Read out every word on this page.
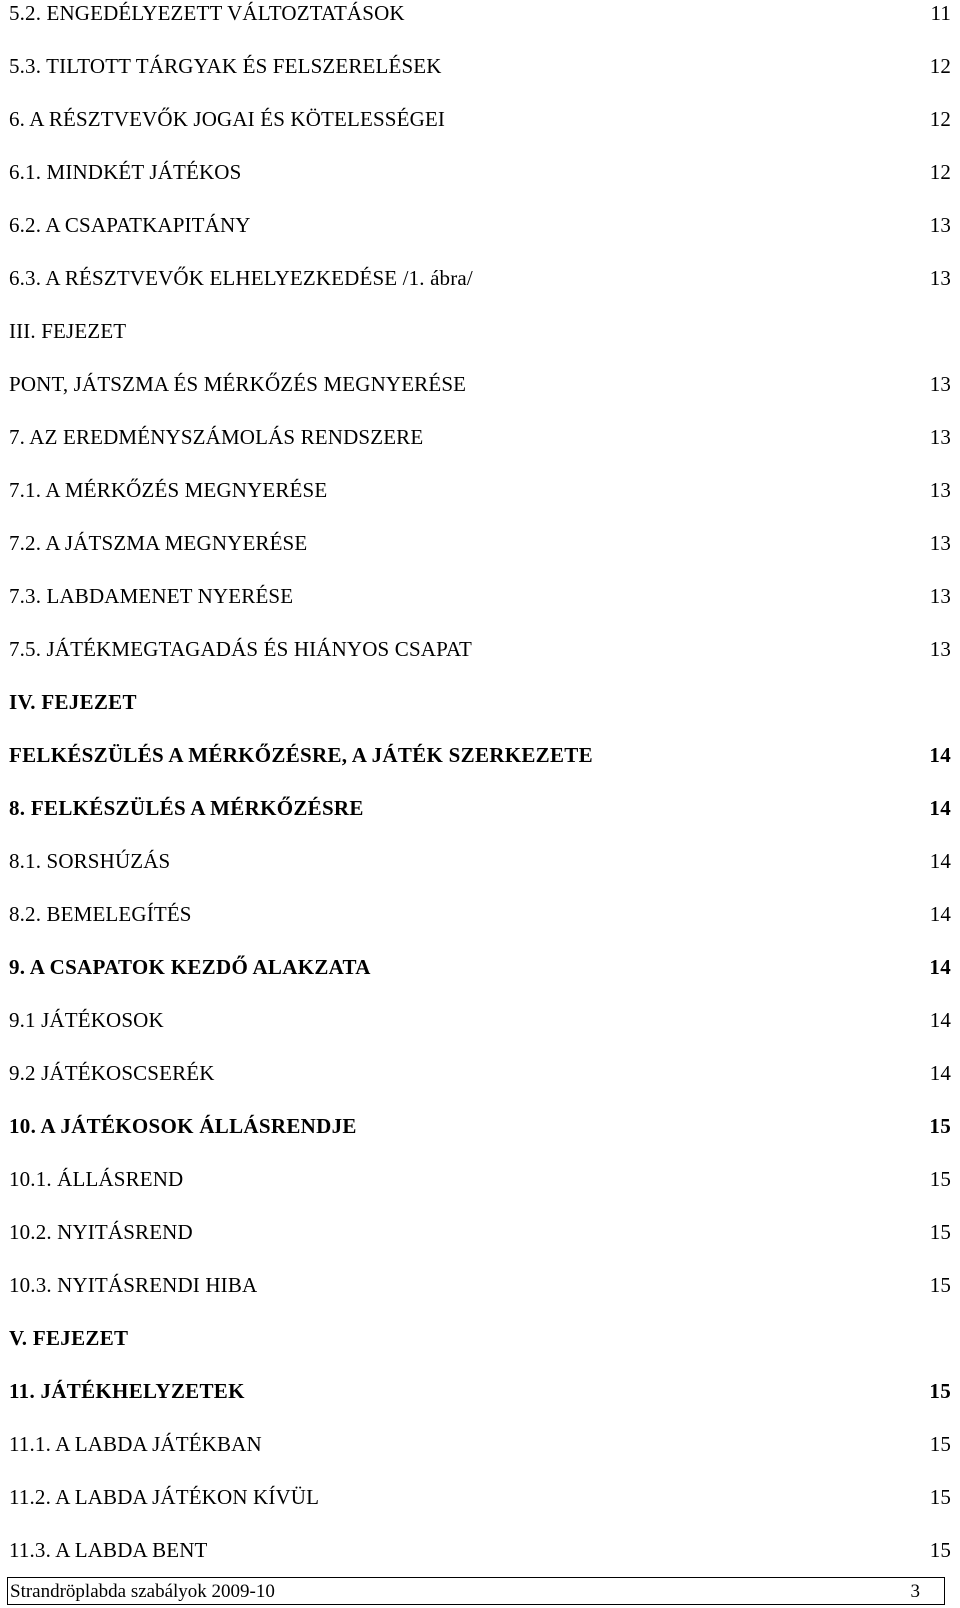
5.2. ENGEDÉLYEZETT VÁLTOZTATÁSOK	11
5.3. TILTOTT TÁRGYAK ÉS FELSZERELÉSEK	12
6. A RÉSZTVEVŐK JOGAI ÉS KÖTELESSÉGEI	12
6.1. MINDKÉT JÁTÉKOS	12
6.2. A CSAPATKAPITÁNY	13
6.3. A RÉSZTVEVŐK ELHELYEZKEDÉSE /1. ábra/	13
III. FEJEZET
PONT, JÁTSZMA ÉS MÉRKŐZÉS MEGNYERÉSE	13
7. AZ EREDMÉNYSZÁMOLÁS RENDSZERE	13
7.1. A MÉRKŐZÉS MEGNYERÉSE	13
7.2. A JÁTSZMA MEGNYERÉSE	13
7.3. LABDAMENET NYERÉSE	13
7.5. JÁTÉKMEGTAGADÁS ÉS HIÁNYOS CSAPAT	13
IV. FEJEZET
FELKÉSZÜLÉS A MÉRKŐZÉSRE, A JÁTÉK SZERKEZETE	14
8. FELKÉSZÜLÉS A MÉRKŐZÉSRE	14
8.1. SORSHÚZÁS	14
8.2. BEMELEGÍTÉS	14
9. A CSAPATOK KEZDŐ ALAKZATA	14
9.1 JÁTÉKOSOK	14
9.2 JÁTÉKOSCSERÉK	14
10. A JÁTÉKOSOK ÁLLÁSRENDJE	15
10.1. ÁLLÁSREND	15
10.2. NYITÁSREND	15
10.3. NYITÁSRENDI HIBA	15
V. FEJEZET
11. JÁTÉKHELYZETEK	15
11.1. A LABDA JÁTÉKBAN	15
11.2. A LABDA JÁTÉKON KÍVÜL	15
11.3. A LABDA BENT	15
Strandröplabda szabályok 2009-10	3
